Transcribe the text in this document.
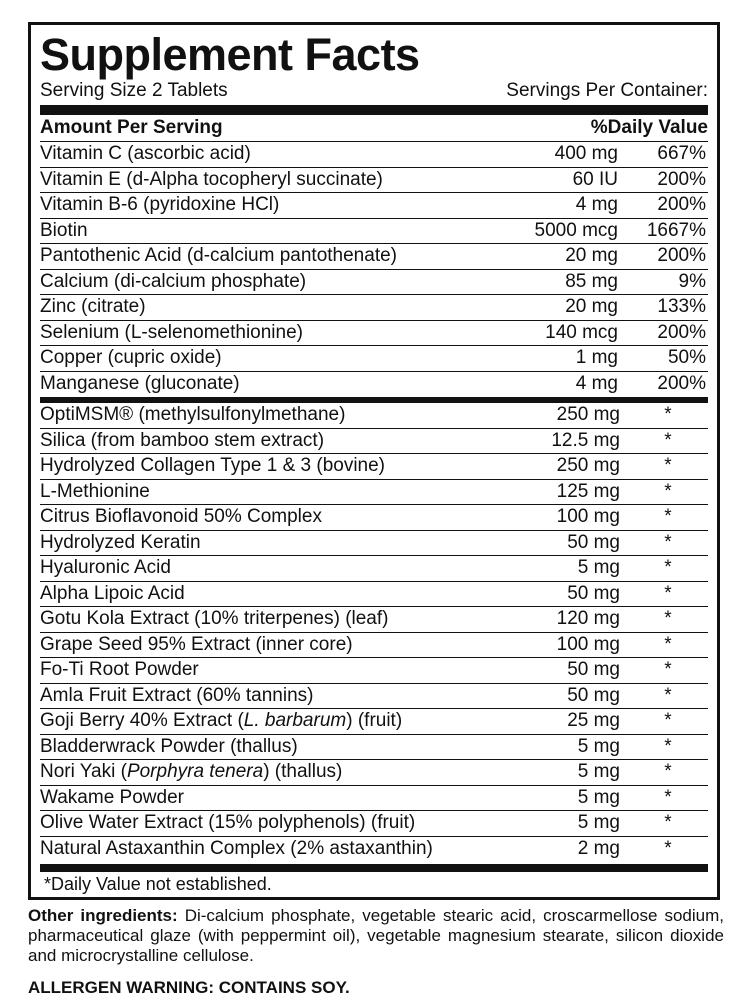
Supplement Facts
Serving Size 2 Tablets	Servings Per Container:
Amount Per Serving	%Daily Value
Vitamin C (ascorbic acid)	400 mg	667%
Vitamin E (d-Alpha tocopheryl succinate)	60 IU	200%
Vitamin B-6 (pyridoxine HCl)	4 mg	200%
Biotin	5000 mcg	1667%
Pantothenic Acid (d-calcium pantothenate)	20 mg	200%
Calcium (di-calcium phosphate)	85 mg	9%
Zinc (citrate)	20 mg	133%
Selenium (L-selenomethionine)	140 mcg	200%
Copper (cupric oxide)	1 mg	50%
Manganese (gluconate)	4 mg	200%
OptiMSM® (methylsulfonylmethane)	250 mg	*
Silica (from bamboo stem extract)	12.5 mg	*
Hydrolyzed Collagen Type 1 & 3 (bovine)	250 mg	*
L-Methionine	125 mg	*
Citrus Bioflavonoid 50% Complex	100 mg	*
Hydrolyzed Keratin	50 mg	*
Hyaluronic Acid	5 mg	*
Alpha Lipoic Acid	50 mg	*
Gotu Kola Extract (10% triterpenes) (leaf)	120 mg	*
Grape Seed 95% Extract (inner core)	100 mg	*
Fo-Ti Root Powder	50 mg	*
Amla Fruit Extract (60% tannins)	50 mg	*
Goji Berry 40% Extract (L. barbarum) (fruit)	25 mg	*
Bladderwrack Powder (thallus)	5 mg	*
Nori Yaki (Porphyra tenera) (thallus)	5 mg	*
Wakame Powder	5 mg	*
Olive Water Extract (15% polyphenols) (fruit)	5 mg	*
Natural Astaxanthin Complex (2% astaxanthin)	2 mg	*
*Daily Value not established.
Other ingredients: Di-calcium phosphate, vegetable stearic acid, croscarmellose sodium, pharmaceutical glaze (with peppermint oil), vegetable magnesium stearate, silicon dioxide and microcrystalline cellulose.
ALLERGEN WARNING: CONTAINS SOY.
